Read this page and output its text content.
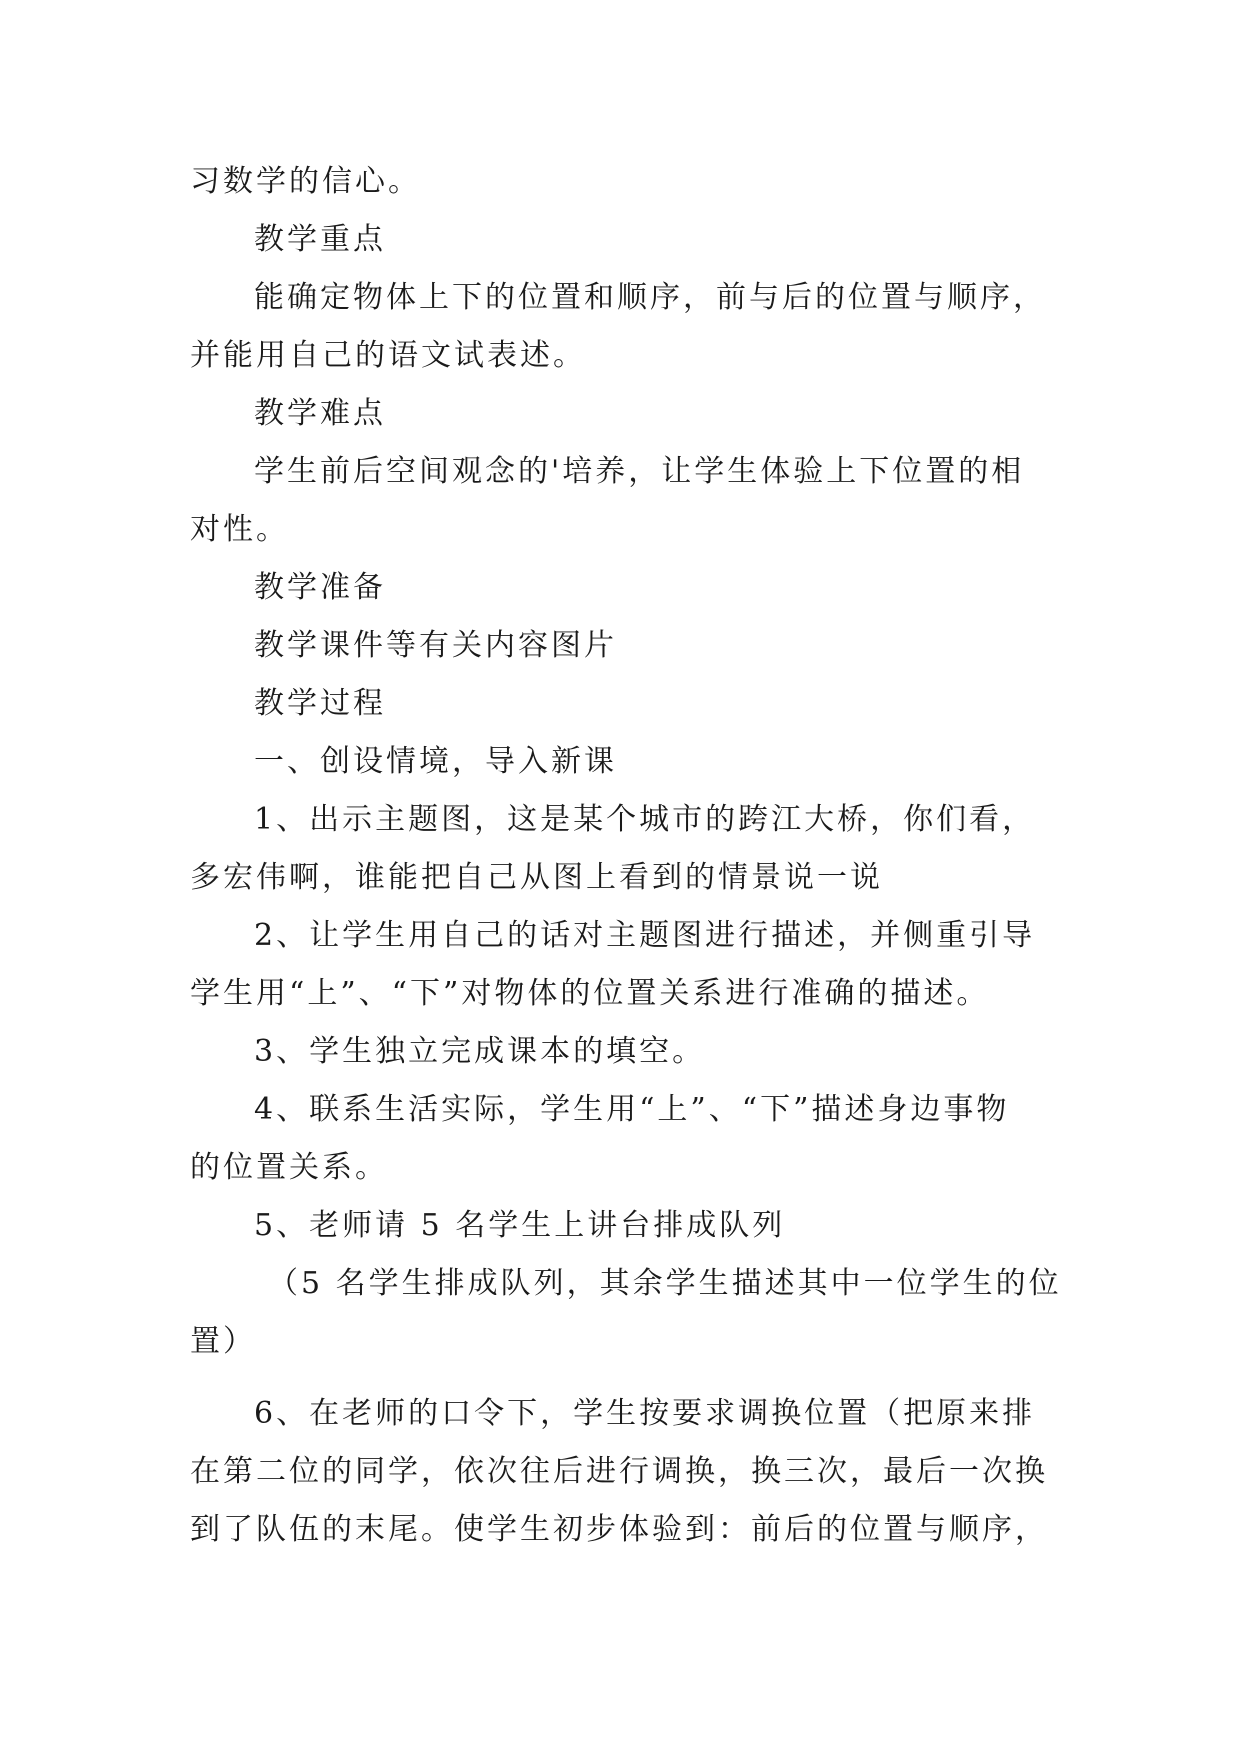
习数学的信心。
教学重点
能确定物体上下的位置和顺序，前与后的位置与顺序，
并能用自己的语文试表述。
教学难点
学生前后空间观念的'培养，让学生体验上下位置的相
对性。
教学准备
教学课件等有关内容图片
教学过程
一、创设情境，导入新课
1、出示主题图，这是某个城市的跨江大桥，你们看，
多宏伟啊，谁能把自己从图上看到的情景说一说
2、让学生用自己的话对主题图进行描述，并侧重引导
学生用“上”、“下”对物体的位置关系进行准确的描述。
3、学生独立完成课本的填空。
4、联系生活实际，学生用“上”、“下”描述身边事物
的位置关系。
5、老师请 5 名学生上讲台排成队列
（5 名学生排成队列，其余学生描述其中一位学生的位
置）
6、在老师的口令下，学生按要求调换位置（把原来排
在第二位的同学，依次往后进行调换，换三次，最后一次换
到了队伍的末尾。使学生初步体验到：前后的位置与顺序，
